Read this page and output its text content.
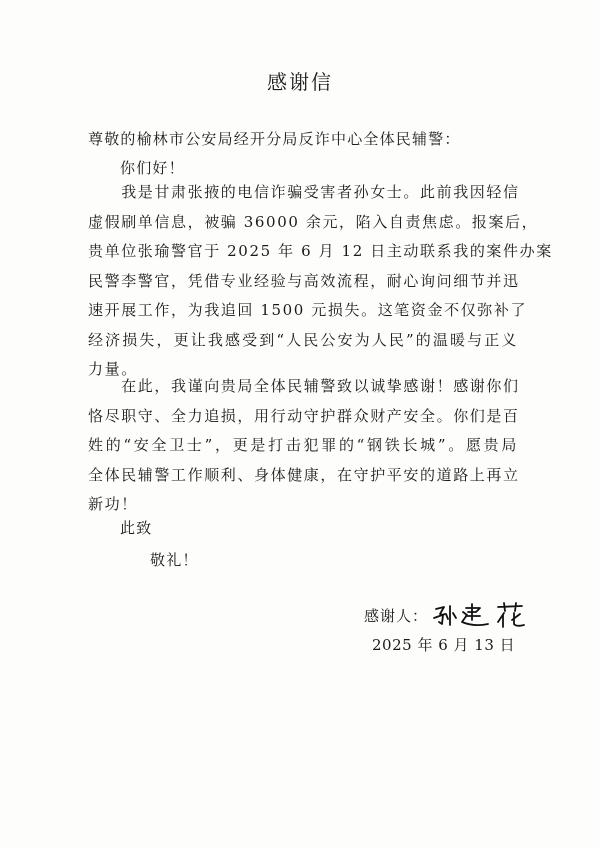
感谢信
尊敬的榆林市公安局经开分局反诈中心全体民辅警：
你们好！
　　我是甘肃张掖的电信诈骗受害者孙女士。此前我因轻信
虚假刷单信息，被骗 36000 余元，陷入自责焦虑。报案后，
贵单位张瑜警官于 2025 年 6 月 12 日主动联系我的案件办案
民警李警官，凭借专业经验与高效流程，耐心询问细节并迅
速开展工作，为我追回 1500 元损失。这笔资金不仅弥补了
经济损失，更让我感受到“人民公安为人民”的温暖与正义
力量。
　　在此，我谨向贵局全体民辅警致以诚挚感谢！感谢你们
恪尽职守、全力追损，用行动守护群众财产安全。你们是百
姓的“安全卫士”，更是打击犯罪的“钢铁长城”。愿贵局
全体民辅警工作顺利、身体健康，在守护平安的道路上再立
新功！
此致
敬礼！
感谢人：
2025 年 6 月 13 日
